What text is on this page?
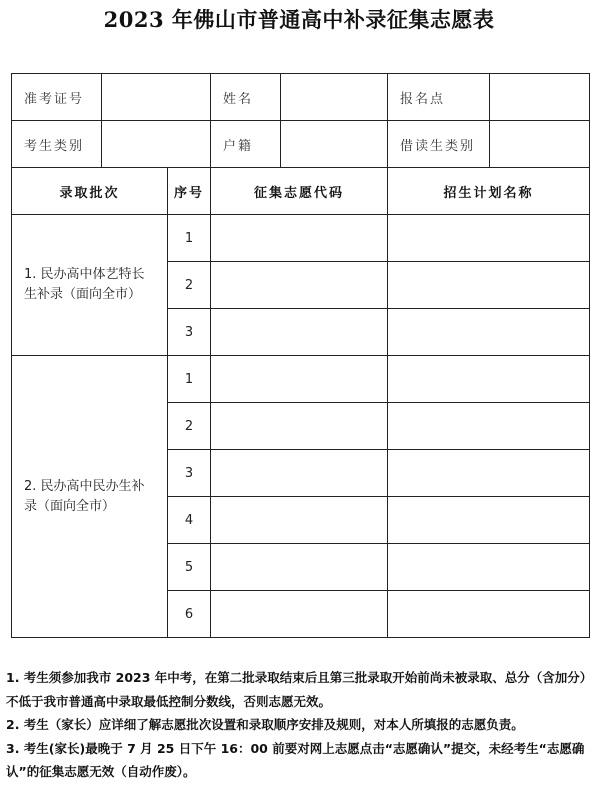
2023 年佛山市普通高中补录征集志愿表
准考证号			姓名		报名点	
考生类别			户籍		借读生类别	
录取批次		序号	征集志愿代码		招生计划名称	
1. 民办高中体艺特长生补录（面向全市）		1				
		2				
		3				
2. 民办高中民办生补录（面向全市）		1				
		2				
		3				
		4				
		5				
		6				

1. 考生须参加我市 2023 年中考，在第二批录取结束后且第三批录取开始前尚未被录取、总分（含加分）不低于我市普通高中录取最低控制分数线，否则志愿无效。

2. 考生（家长）应详细了解志愿批次设置和录取顺序安排及规则，对本人所填报的志愿负责。

3. 考生(家长)最晚于 7 月 25 日下午 16：00 前要对网上志愿点击“志愿确认”提交，未经考生“志愿确认”的征集志愿无效（自动作废）。
